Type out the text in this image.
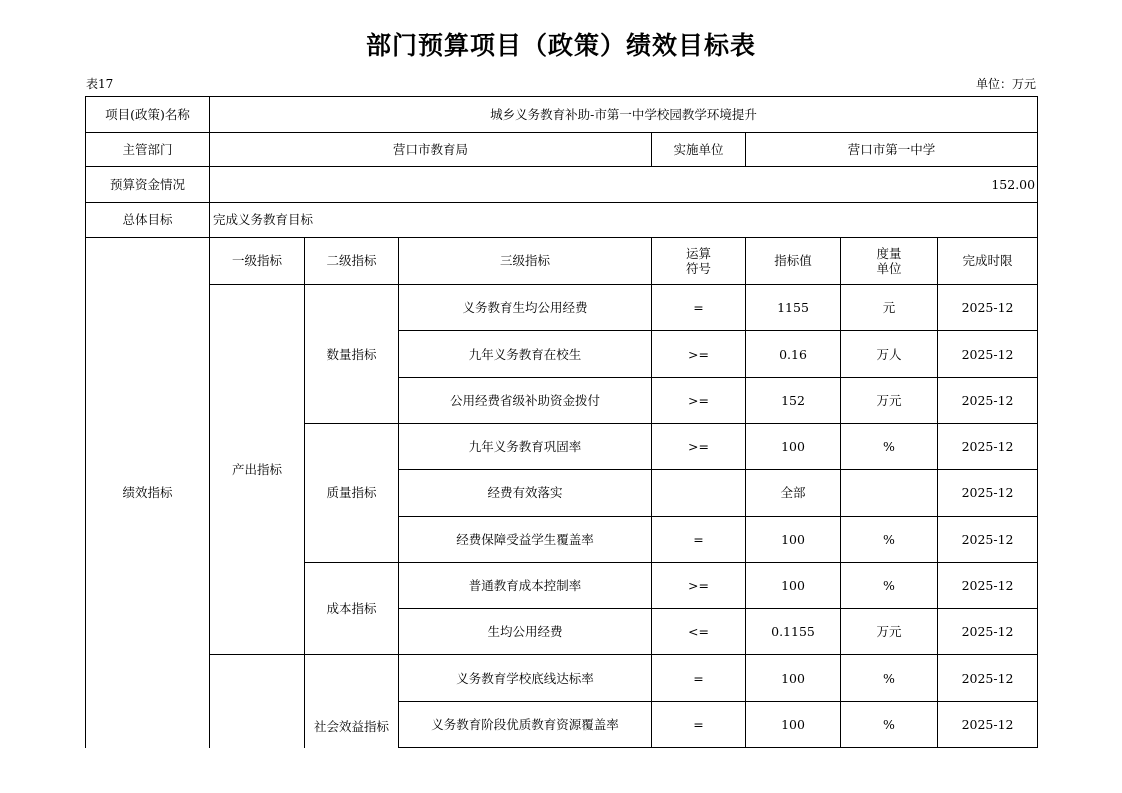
部门预算项目（政策）绩效目标表
表17	单位：万元
项目(政策)名称	城乡义务教育补助-市第一中学校园教学环境提升						
主管部门	营口市教育局			实施单位	营口市第一中学		
预算资金情况	152.00						
总体目标	完成义务教育目标						
绩效指标	一级指标	二级指标	三级指标	运算符号	指标值	度量单位	完成时限
	产出指标	数量指标	义务教育生均公用经费	=	1155	元	2025-12
			九年义务教育在校生	>=	0.16	万人	2025-12
			公用经费省级补助资金拨付	>=	152	万元	2025-12
		质量指标	九年义务教育巩固率	>=	100	%	2025-12
			经费有效落实		全部		2025-12
			经费保障受益学生覆盖率	=	100	%	2025-12
		成本指标	普通教育成本控制率	>=	100	%	2025-12
			生均公用经费	<=	0.1155	万元	2025-12
		社会效益指标	义务教育学校底线达标率	=	100	%	2025-12
			义务教育阶段优质教育资源覆盖率	=	100	%	2025-12
